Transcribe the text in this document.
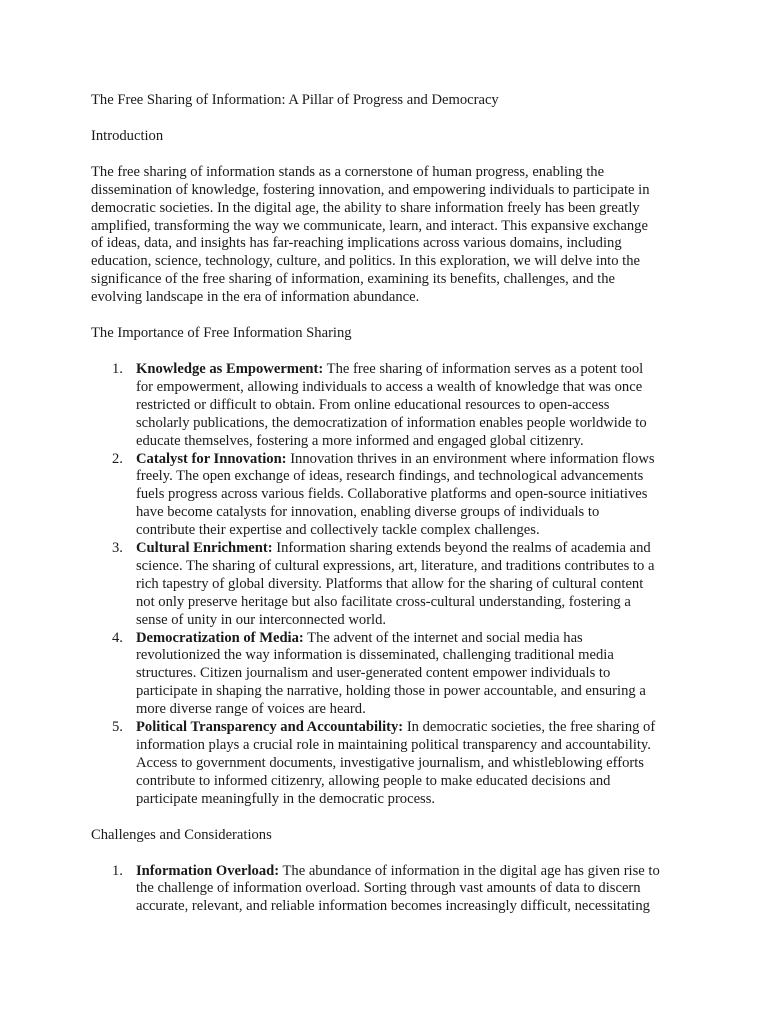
The Free Sharing of Information: A Pillar of Progress and Democracy
Introduction

The free sharing of information stands as a cornerstone of human progress, enabling the
dissemination of knowledge, fostering innovation, and empowering individuals to participate in
democratic societies. In the digital age, the ability to share information freely has been greatly
amplified, transforming the way we communicate, learn, and interact. This expansive exchange
of ideas, data, and insights has far-reaching implications across various domains, including
education, science, technology, culture, and politics. In this exploration, we will delve into the
significance of the free sharing of information, examining its benefits, challenges, and the
evolving landscape in the era of information abundance.

The Importance of Free Information Sharing
1. Knowledge as Empowerment: The free sharing of information serves as a potent tool
for empowerment, allowing individuals to access a wealth of knowledge that was once
restricted or difficult to obtain. From online educational resources to open-access
scholarly publications, the democratization of information enables people worldwide to
educate themselves, fostering a more informed and engaged global citizenry.
2. Catalyst for Innovation: Innovation thrives in an environment where information flows
freely. The open exchange of ideas, research findings, and technological advancements
fuels progress across various fields. Collaborative platforms and open-source initiatives
have become catalysts for innovation, enabling diverse groups of individuals to
contribute their expertise and collectively tackle complex challenges.
3. Cultural Enrichment: Information sharing extends beyond the realms of academia and
science. The sharing of cultural expressions, art, literature, and traditions contributes to a
rich tapestry of global diversity. Platforms that allow for the sharing of cultural content
not only preserve heritage but also facilitate cross-cultural understanding, fostering a
sense of unity in our interconnected world.
4. Democratization of Media: The advent of the internet and social media has
revolutionized the way information is disseminated, challenging traditional media
structures. Citizen journalism and user-generated content empower individuals to
participate in shaping the narrative, holding those in power accountable, and ensuring a
more diverse range of voices are heard.
5. Political Transparency and Accountability: In democratic societies, the free sharing of
information plays a crucial role in maintaining political transparency and accountability.
Access to government documents, investigative journalism, and whistleblowing efforts
contribute to informed citizenry, allowing people to make educated decisions and
participate meaningfully in the democratic process.
Challenges and Considerations
1. Information Overload: The abundance of information in the digital age has given rise to
the challenge of information overload. Sorting through vast amounts of data to discern
accurate, relevant, and reliable information becomes increasingly difficult, necessitating
